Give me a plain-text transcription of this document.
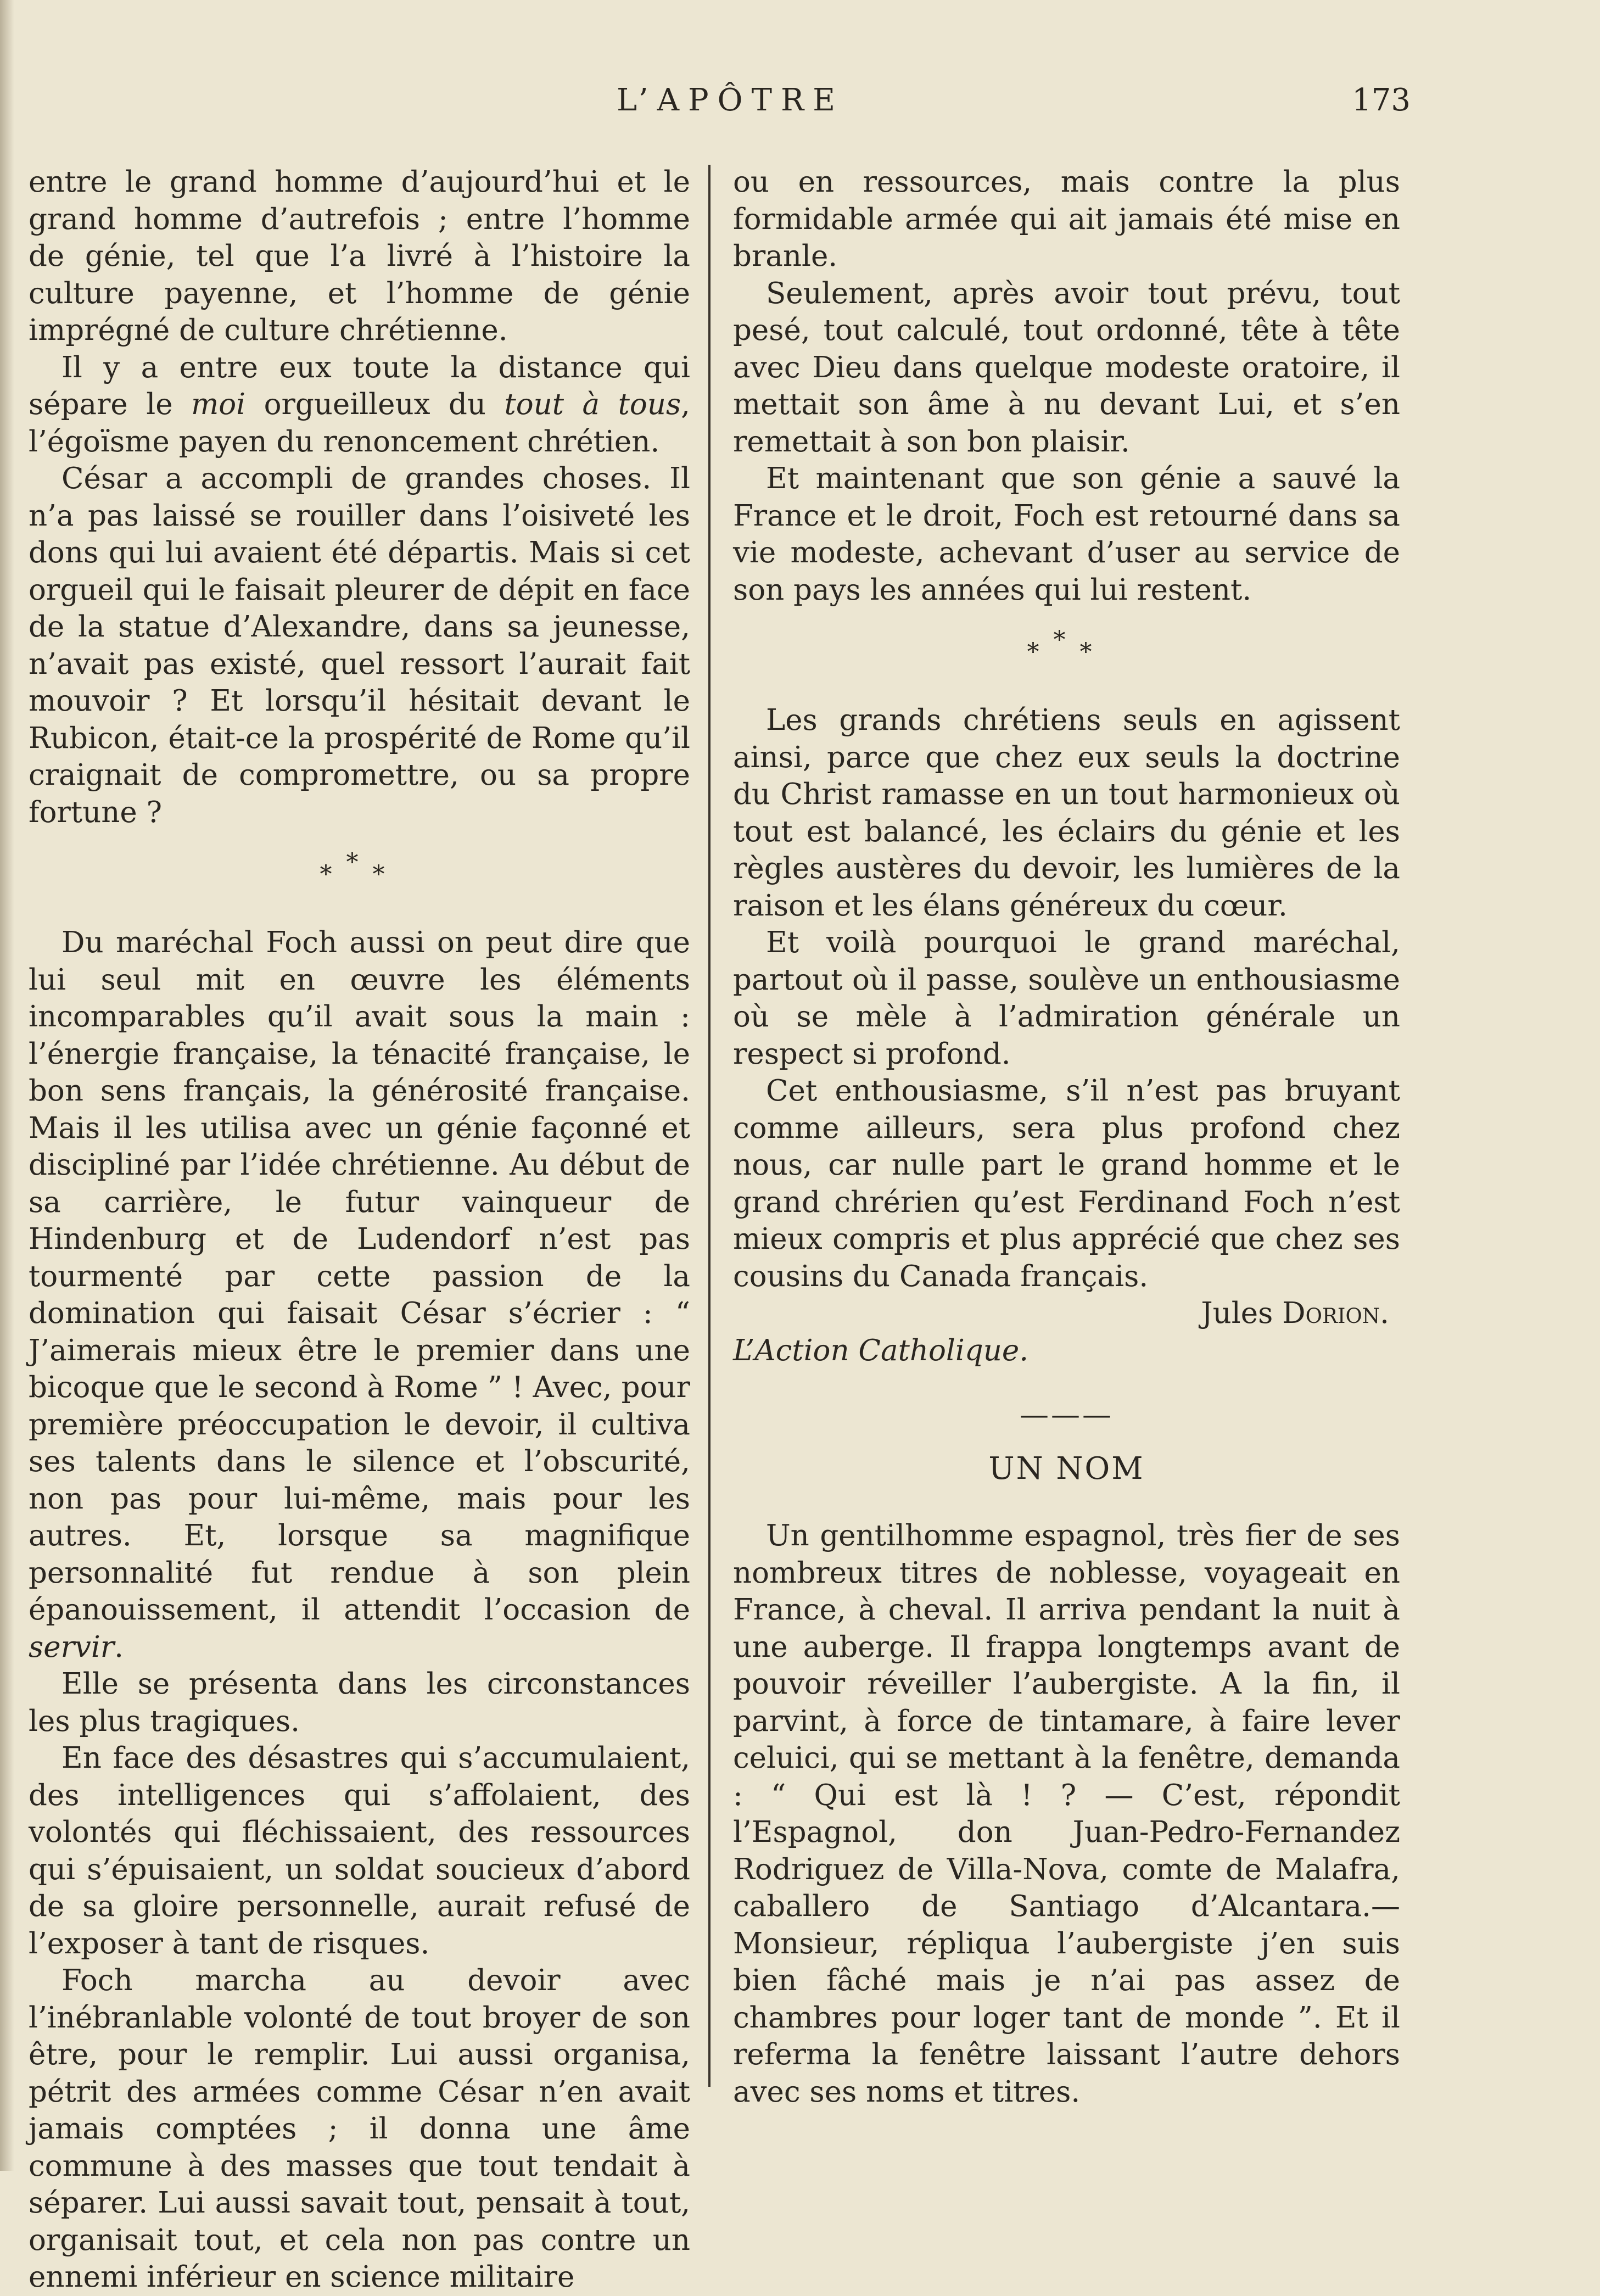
L’APÔTRE	173

entre le grand homme d’aujourd’hui et le grand homme d’autrefois ; entre l’homme de génie, tel que l’a livré à l’histoire la culture payenne, et l’homme de génie imprégné de culture chrétienne.

Il y a entre eux toute la distance qui sépare le moi orgueilleux du tout à tous, l’égoïsme payen du renoncement chrétien.

César a accompli de grandes choses. Il n’a pas laissé se rouiller dans l’oisiveté les dons qui lui avaient été départis. Mais si cet orgueil qui le faisait pleurer de dépit en face de la statue d’Alexandre, dans sa jeunesse, n’avait pas existé, quel ressort l’aurait fait mouvoir ? Et lorsqu’il hésitait devant le Rubicon, était-ce la prospérité de Rome qu’il craignait de compromettre, ou sa propre fortune ?

***

Du maréchal Foch aussi on peut dire que lui seul mit en œuvre les éléments incomparables qu’il avait sous la main : l’énergie française, la ténacité française, le bon sens français, la générosité française. Mais il les utilisa avec un génie façonné et discipliné par l’idée chrétienne. Au début de sa carrière, le futur vainqueur de Hindenburg et de Ludendorf n’est pas tourmenté par cette passion de la domination qui faisait César s’écrier : “ J’aimerais mieux être le premier dans une bicoque que le second à Rome ” ! Avec, pour première préoccupation le devoir, il cultiva ses talents dans le silence et l’obscurité, non pas pour lui-même, mais pour les autres. Et, lorsque sa magnifique personnalité fut rendue à son plein épanouissement, il attendit l’occasion de servir.

Elle se présenta dans les circonstances les plus tragiques.

En face des désastres qui s’accumulaient, des intelligences qui s’affolaient, des volontés qui fléchissaient, des ressources qui s’épuisaient, un soldat soucieux d’abord de sa gloire personnelle, aurait refusé de l’exposer à tant de risques.

Foch marcha au devoir avec l’inébranlable volonté de tout broyer de son être, pour le remplir. Lui aussi organisa, pétrit des armées comme César n’en avait jamais comptées ; il donna une âme commune à des masses que tout tendait à séparer. Lui aussi savait tout, pensait à tout, organisait tout, et cela non pas contre un ennemi inférieur en science militaire

ou en ressources, mais contre la plus formidable armée qui ait jamais été mise en branle.

Seulement, après avoir tout prévu, tout pesé, tout calculé, tout ordonné, tête à tête avec Dieu dans quelque modeste oratoire, il mettait son âme à nu devant Lui, et s’en remettait à son bon plaisir.

Et maintenant que son génie a sauvé la France et le droit, Foch est retourné dans sa vie modeste, achevant d’user au service de son pays les années qui lui restent.

***

Les grands chrétiens seuls en agissent ainsi, parce que chez eux seuls la doctrine du Christ ramasse en un tout harmonieux où tout est balancé, les éclairs du génie et les règles austères du devoir, les lumières de la raison et les élans généreux du cœur.

Et voilà pourquoi le grand maréchal, partout où il passe, soulève un enthousiasme où se mèle à l’admiration générale un respect si profond.

Cet enthousiasme, s’il n’est pas bruyant comme ailleurs, sera plus profond chez nous, car nulle part le grand homme et le grand chrérien qu’est Ferdinand Foch n’est mieux compris et plus apprécié que chez ses cousins du Canada français.

Jules Dorion.

L’Action Catholique.

———
UN NOM

Un gentilhomme espagnol, très fier de ses nombreux titres de noblesse, voyageait en France, à cheval. Il arriva pendant la nuit à une auberge. Il frappa longtemps avant de pouvoir réveiller l’aubergiste. A la fin, il parvint, à force de tintamare, à faire lever celuici, qui se mettant à la fenêtre, demanda : “ Qui est là ! ? — C’est, répondit l’Espagnol, don Juan-Pedro-Fernandez Rodriguez de Villa-Nova, comte de Malafra, caballero de Santiago d’Alcantara.— Monsieur, répliqua l’aubergiste j’en suis bien fâché mais je n’ai pas assez de chambres pour loger tant de monde ”. Et il referma la fenêtre laissant l’autre dehors avec ses noms et titres.
